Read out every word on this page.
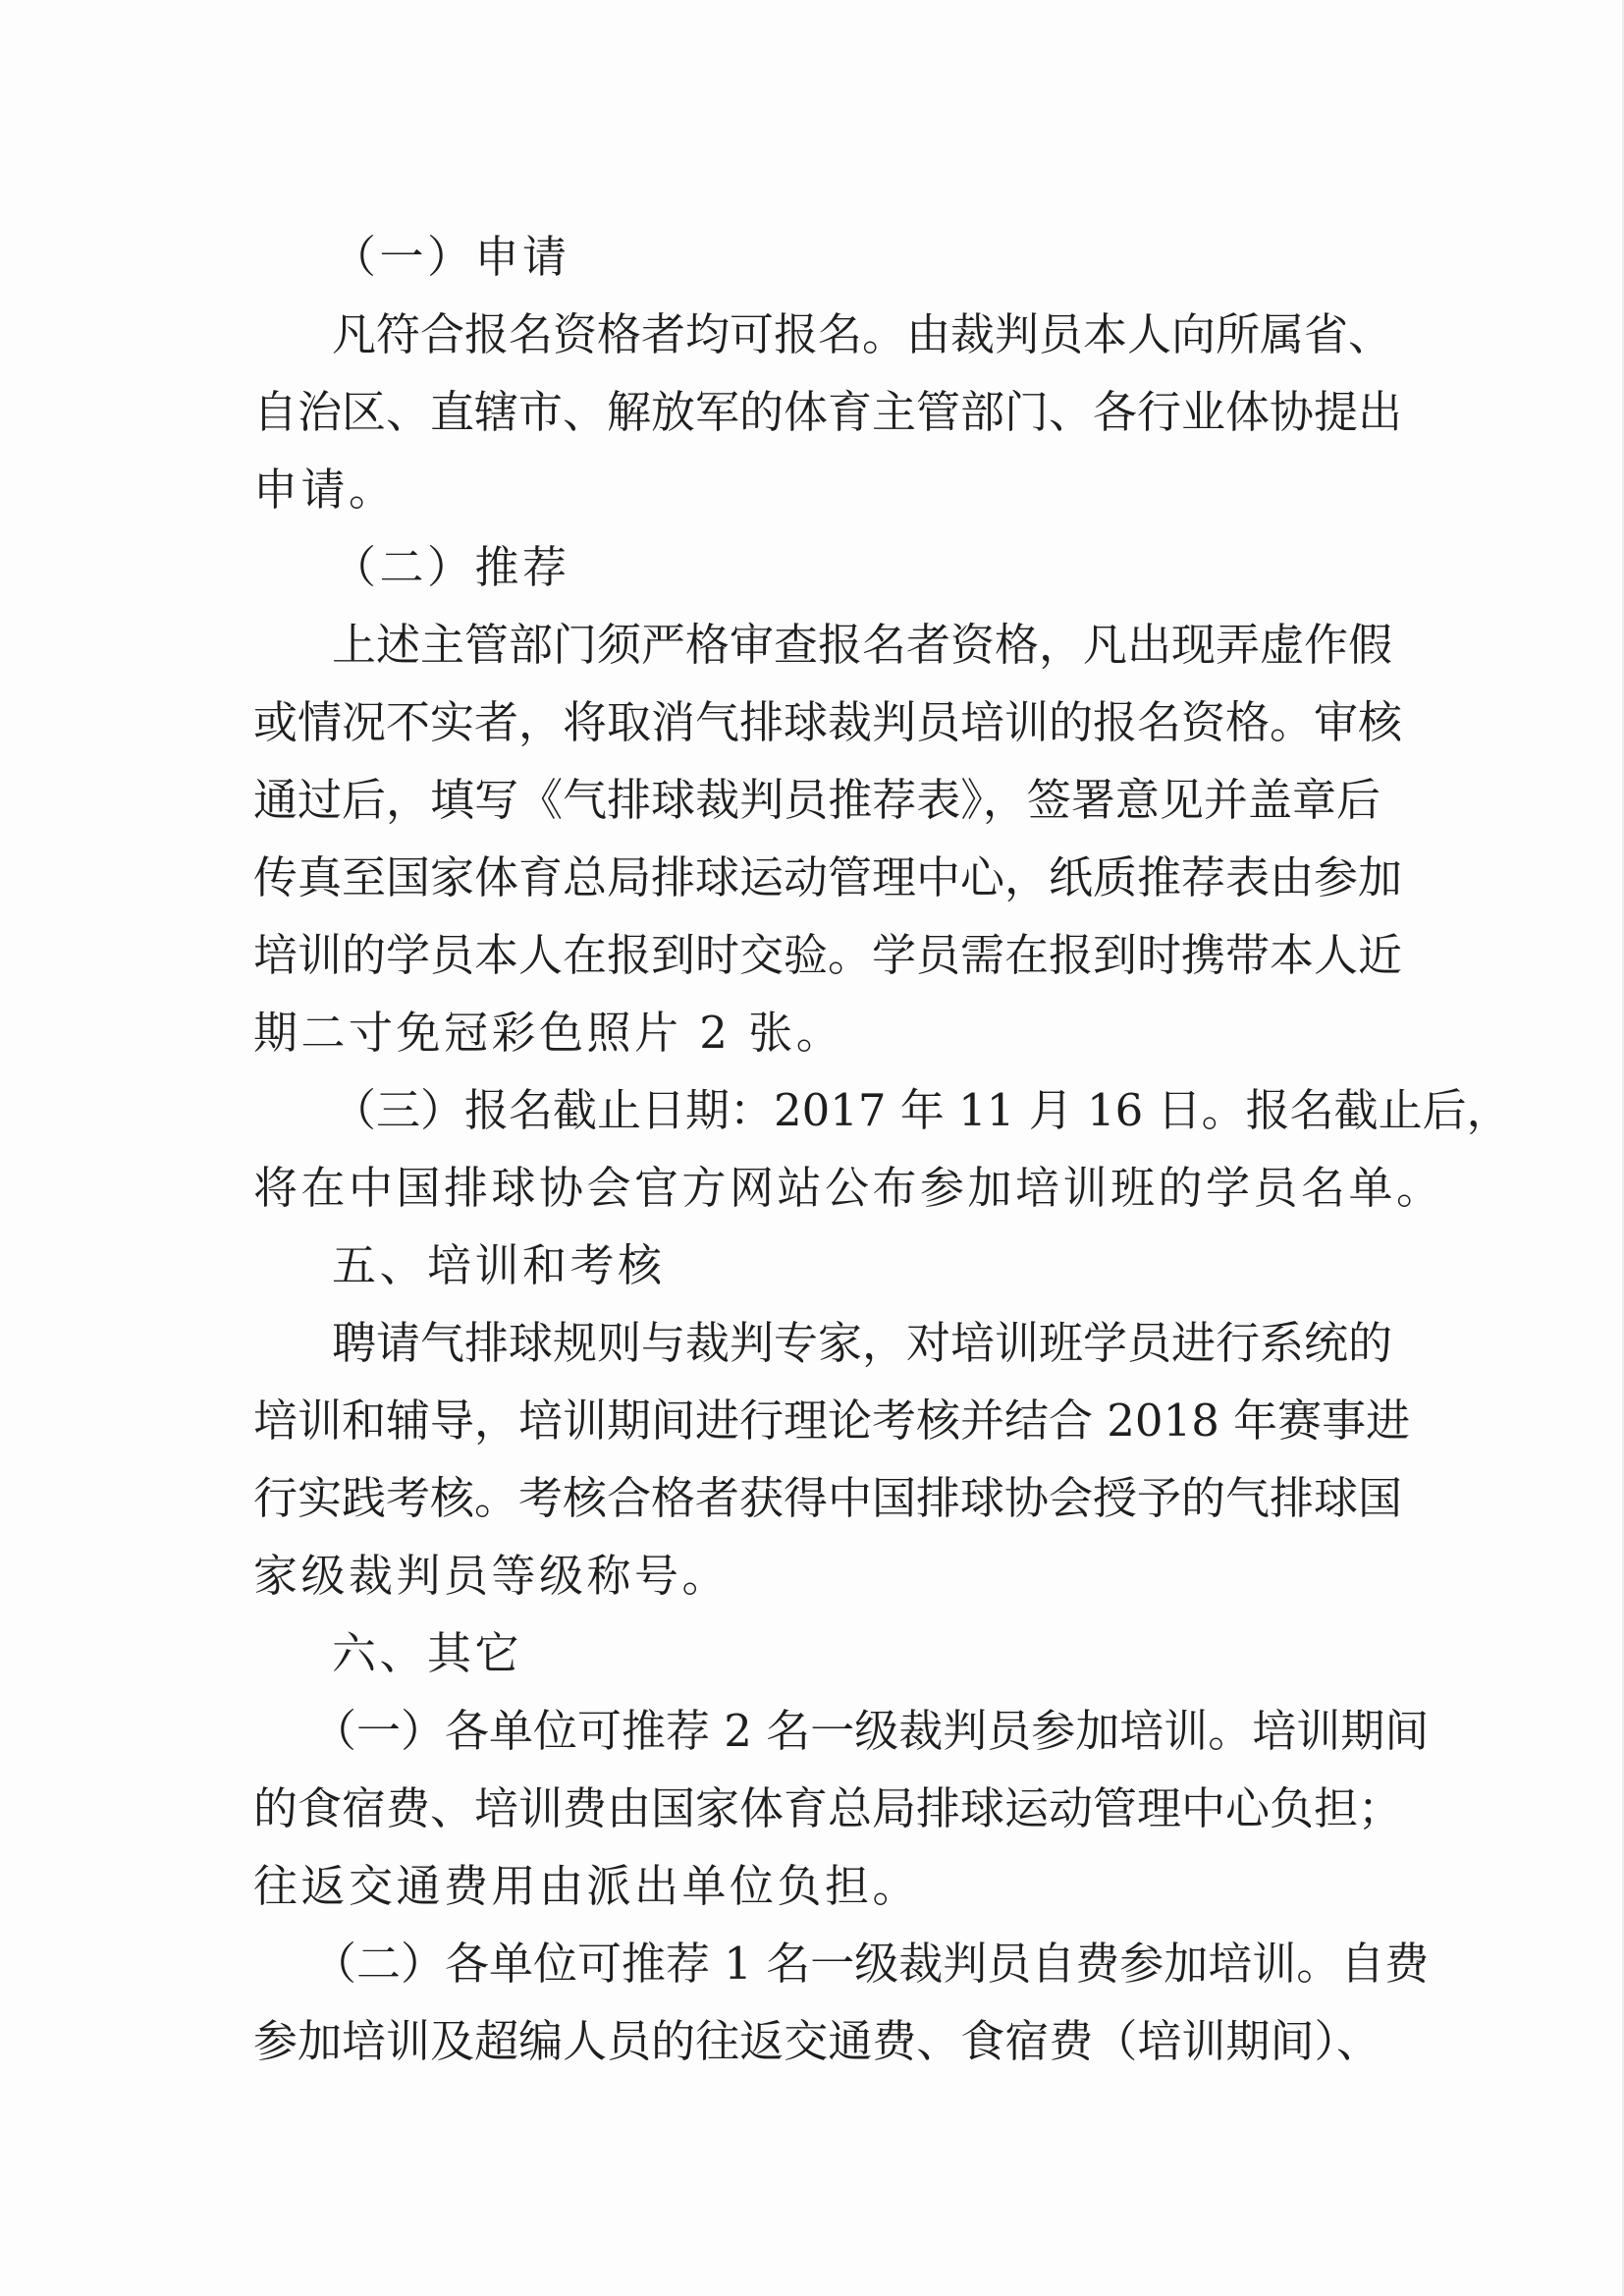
（一）申请
凡符合报名资格者均可报名。由裁判员本人向所属省、
自治区、直辖市、解放军的体育主管部门、各行业体协提出
申请。
（二）推荐
上述主管部门须严格审查报名者资格，凡出现弄虚作假
或情况不实者，将取消气排球裁判员培训的报名资格。审核
通过后，填写《气排球裁判员推荐表》，签署意见并盖章后
传真至国家体育总局排球运动管理中心，纸质推荐表由参加
培训的学员本人在报到时交验。学员需在报到时携带本人近
期二寸免冠彩色照片 2 张。
（三）报名截止日期：2017 年 11 月 16 日。报名截止后，
将在中国排球协会官方网站公布参加培训班的学员名单。
五、培训和考核
聘请气排球规则与裁判专家，对培训班学员进行系统的
培训和辅导，培训期间进行理论考核并结合 2018 年赛事进
行实践考核。考核合格者获得中国排球协会授予的气排球国
家级裁判员等级称号。
六、其它
（一）各单位可推荐 2 名一级裁判员参加培训。培训期间
的食宿费、培训费由国家体育总局排球运动管理中心负担；
往返交通费用由派出单位负担。
（二）各单位可推荐 1 名一级裁判员自费参加培训。自费
参加培训及超编人员的往返交通费、食宿费（培训期间）、
